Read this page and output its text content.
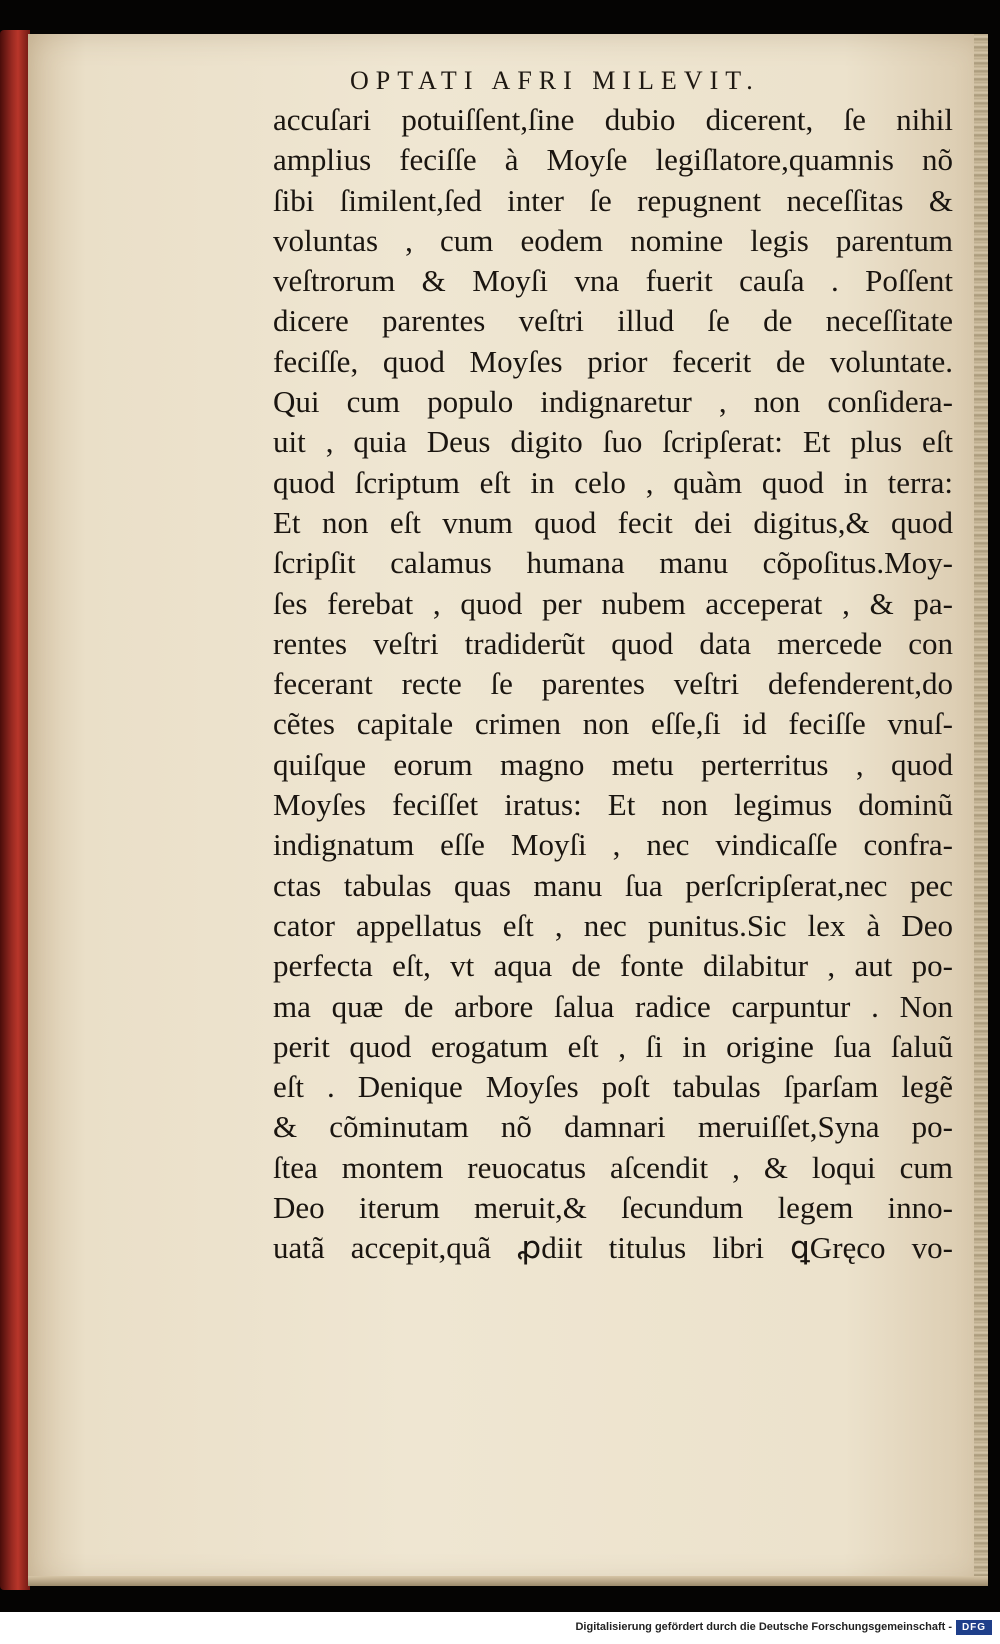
OPTATI AFRI MILEVIT.
accuſari potuiſſent,ſine dubio dicerent, ſe nihil
amplius feciſſe à Moyſe legiſlatore,quamnis nõ
ſibi ſimilent,ſed inter ſe repugnent neceſſitas &
voluntas , cum eodem nomine legis parentum
veſtrorum & Moyſi vna fuerit cauſa . Poſſent
dicere parentes veſtri illud ſe de neceſſitate
feciſſe, quod Moyſes prior fecerit de voluntate.
Qui cum populo indignaretur , non conſidera-
uit , quia Deus digito ſuo ſcripſerat: Et plus eſt
quod ſcriptum eſt in celo , quàm quod in terra:
Et non eſt vnum quod fecit dei digitus,& quod
ſcripſit calamus humana manu cõpoſitus.Moy-
ſes ferebat , quod per nubem acceperat , & pa-
rentes veſtri tradiderũt quod data mercede con
fecerant recte ſe parentes veſtri defenderent,do
cẽtes capitale crimen non eſſe,ſi id feciſſe vnuſ-
quiſque eorum magno metu perterritus , quod
Moyſes feciſſet iratus: Et non legimus dominũ
indignatum eſſe Moyſi , nec vindicaſſe confra-
ctas tabulas quas manu ſua perſcripſerat,nec pec
cator appellatus eſt , nec punitus.Sic lex à Deo
perfecta eſt, vt aqua de fonte dilabitur , aut po-
ma quæ de arbore ſalua radice carpuntur . Non
perit quod erogatum eſt , ſi in origine ſua ſaluũ
eſt . Denique Moyſes poſt tabulas ſparſam legẽ
& cõminutam nõ damnari meruiſſet,Syna po-
ſtea montem reuocatus aſcendit , & loqui cum
Deo iterum meruit,& ſecundum legem inno-
uatã accepit,quã ꝓdiit titulus libri ꝗGręco vo-
Digitalisierung gefördert durch die Deutsche Forschungsgemeinschaft - DFG
